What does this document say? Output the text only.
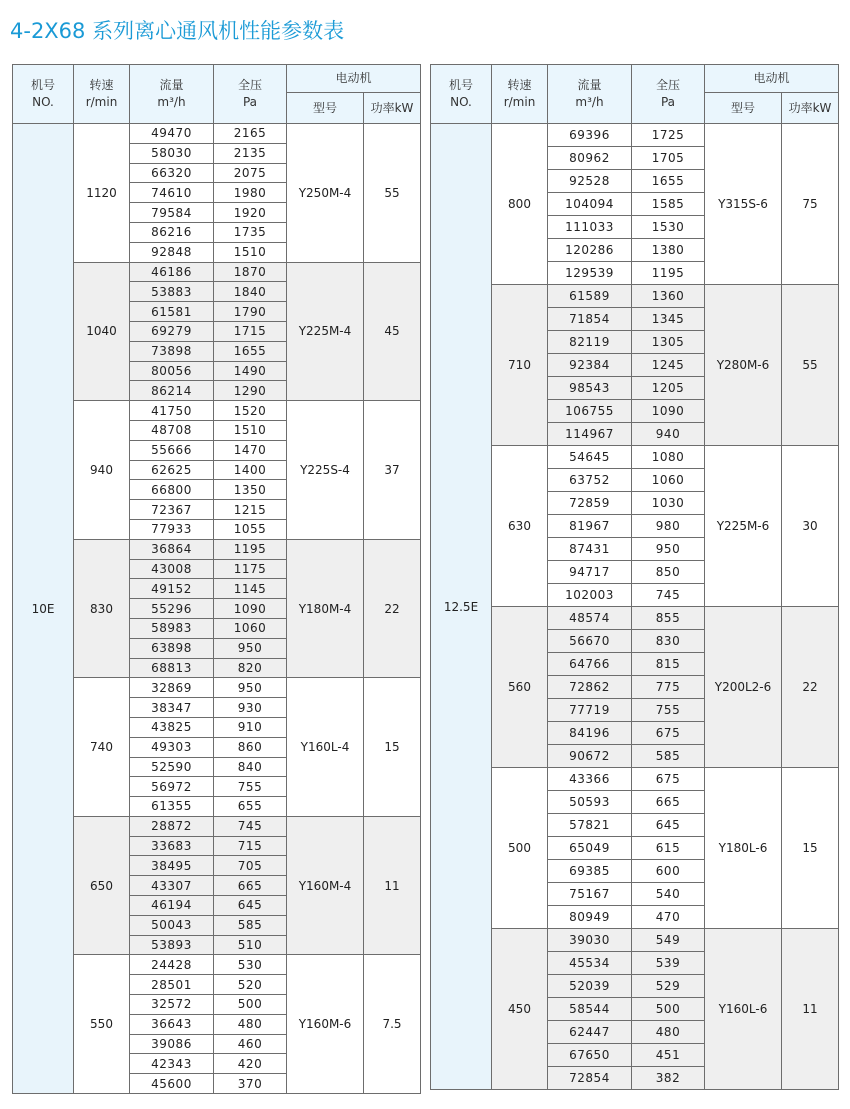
4-2X68 系列离心通风机性能参数表
机号
NO.	转速
r/min	流量
m³/h	全压
Pa	电动机	
				型号	功率kW
10E	1120	49470	2165	Y250M-4	55
		58030	2135		
		66320	2075		
		74610	1980		
		79584	1920		
		86216	1735		
		92848	1510		
	1040	46186	1870	Y225M-4	45
		53883	1840		
		61581	1790		
		69279	1715		
		73898	1655		
		80056	1490		
		86214	1290		
	940	41750	1520	Y225S-4	37
		48708	1510		
		55666	1470		
		62625	1400		
		66800	1350		
		72367	1215		
		77933	1055		
	830	36864	1195	Y180M-4	22
		43008	1175		
		49152	1145		
		55296	1090		
		58983	1060		
		63898	950		
		68813	820		
	740	32869	950	Y160L-4	15
		38347	930		
		43825	910		
		49303	860		
		52590	840		
		56972	755		
		61355	655		
	650	28872	745	Y160M-4	11
		33683	715		
		38495	705		
		43307	665		
		46194	645		
		50043	585		
		53893	510		
	550	24428	530	Y160M-6	7.5
		28501	520		
		32572	500		
		36643	480		
		39086	460		
		42343	420		
		45600	370		
机号
NO.	转速
r/min	流量
m³/h	全压
Pa	电动机	
				型号	功率kW
12.5E	800	69396	1725	Y315S-6	75
		80962	1705		
		92528	1655		
		104094	1585		
		111033	1530		
		120286	1380		
		129539	1195		
	710	61589	1360	Y280M-6	55
		71854	1345		
		82119	1305		
		92384	1245		
		98543	1205		
		106755	1090		
		114967	940		
	630	54645	1080	Y225M-6	30
		63752	1060		
		72859	1030		
		81967	980		
		87431	950		
		94717	850		
		102003	745		
	560	48574	855	Y200L2-6	22
		56670	830		
		64766	815		
		72862	775		
		77719	755		
		84196	675		
		90672	585		
	500	43366	675	Y180L-6	15
		50593	665		
		57821	645		
		65049	615		
		69385	600		
		75167	540		
		80949	470		
	450	39030	549	Y160L-6	11
		45534	539		
		52039	529		
		58544	500		
		62447	480		
		67650	451		
		72854	382		
